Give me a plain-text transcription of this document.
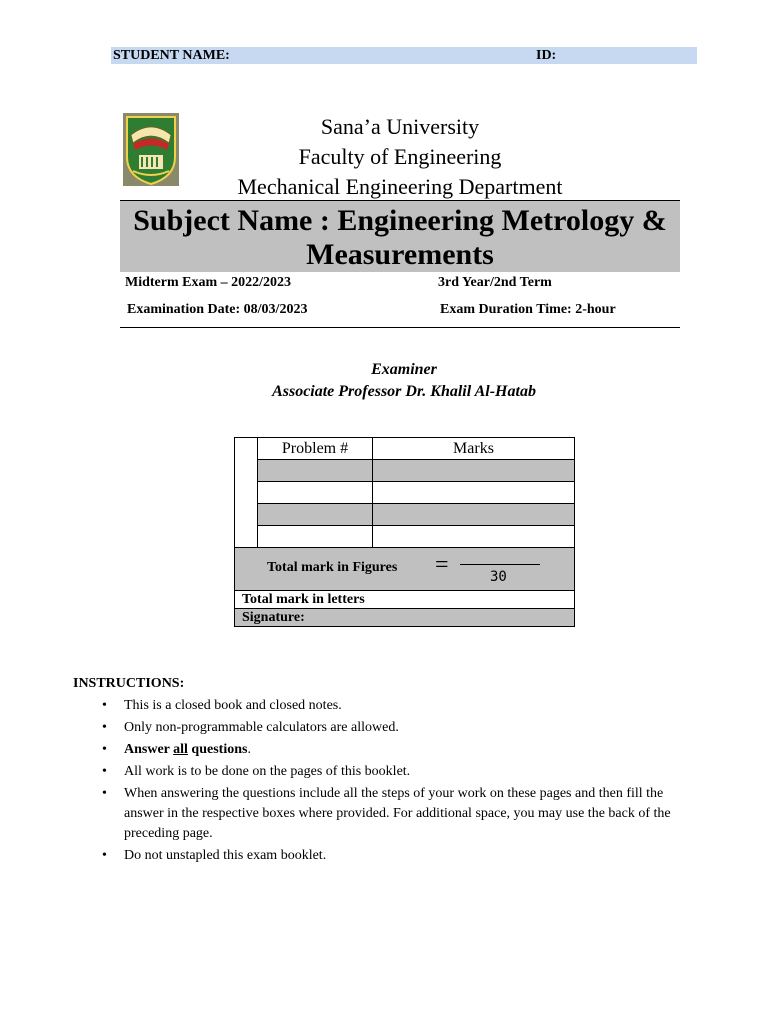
STUDENT NAME:	ID:
Sana’a University
Faculty of Engineering
Mechanical Engineering Department
Subject Name : Engineering Metrology &
Measurements
Midterm Exam – 2022/2023	3rd Year/2nd Term
Examination Date: 08/03/2023	Exam Duration Time: 2-hour
Examiner
Associate Professor Dr. Khalil Al-Hatab
	Problem #	Marks

Total mark in Figures = 30		

Total mark in letters		
Signature:		
INSTRUCTIONS:
• This is a closed book and closed notes.
• Only non-programmable calculators are allowed.
• Answer all questions.
• All work is to be done on the pages of this booklet.
• When answering the questions include all the steps of your work on these pages and then fill the answer in the respective boxes where provided. For additional space, you may use the back of the preceding page.
• Do not unstapled this exam booklet.
